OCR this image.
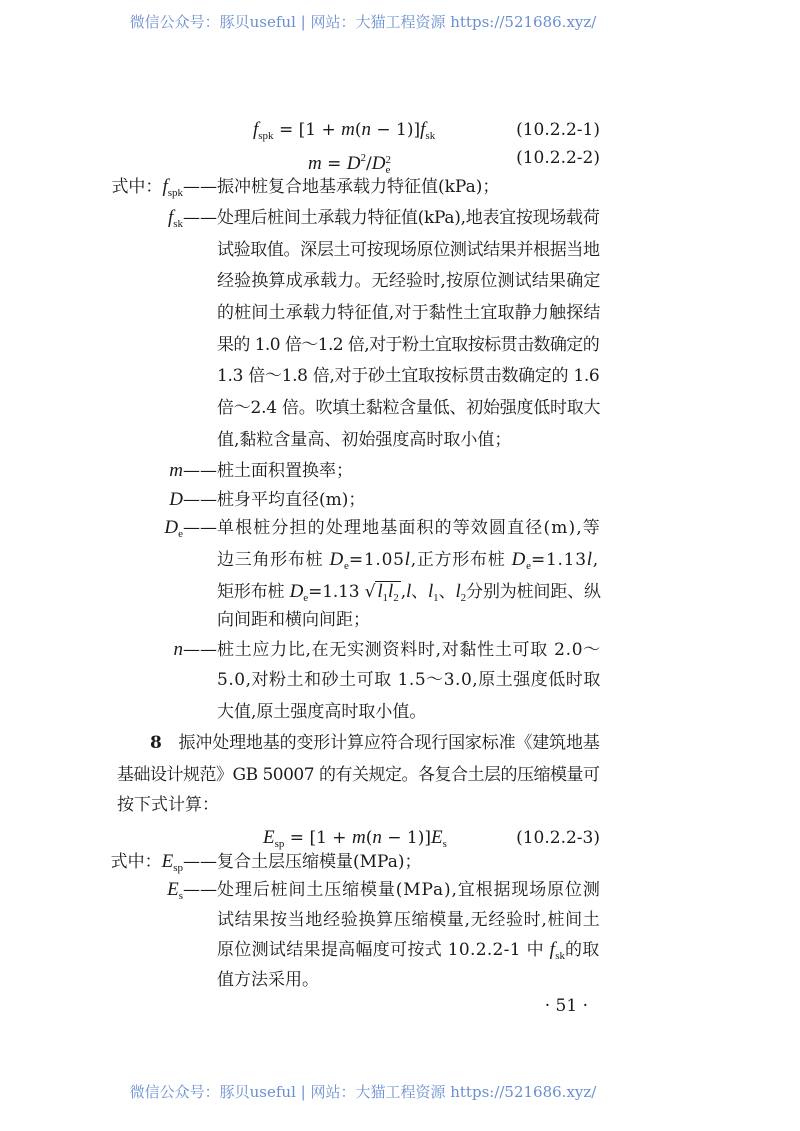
微信公众号：豚贝useful | 网站：大猫工程资源 https://521686.xyz/
$f_{spk} = [1 + m(n - 1)]f_{sk}$	(10.2.2-1)
$m = D^2/D$ 2
e
(10.2.2-2)
式中：$f_{spk}——$ 振冲桩复合地基承载力特征值(kPa)；
$f_{sk}——$ 处理后桩间土承载力特征值(kPa),地表宜按现场载荷
试验取值。深层土可按现场原位测试结果并根据当地
经验换算成承载力。无经验时,按原位测试结果确定
的桩间土承载力特征值,对于黏性土宜取静力触探结
果的 1.0 倍～1.2 倍,对于粉土宜取按标贯击数确定的
1.3 倍～1.8 倍,对于砂土宜取按标贯击数确定的 1.6
倍～2.4 倍。吹填土黏粒含量低、初始强度低时取大
值,黏粒含量高、初始强度高时取小值；
m—— 桩土面积置换率；
D—— 桩身平均直径(m)；
$D_e——$ 单根桩分担的处理地基面积的等效圆直径(m),等
边三角形布桩 $D_e=1.05l$,正方形布桩 $D_e=1.13l$,
矩形布桩 $D_e=1.13$ √ $l_1l_2$ ,l、$l_1$、$l_2$分别为桩间距、纵
向间距和横向间距；
n—— 桩土应力比,在无实测资料时,对黏性土可取 2.0～
5.0,对粉土和砂土可取 1.5～3.0,原土强度低时取
大值,原土强度高时取小值。
8　振冲处理地基的变形计算应符合现行国家标准《建筑地基
基础设计规范》GB 50007 的有关规定。各复合土层的压缩模量可
按下式计算：
$E_{sp} = [1 + m(n - 1)]E_s$	(10.2.2-3)
式中：$E_{sp}——$ 复合土层压缩模量(MPa)；
$E_s——$ 处理后桩间土压缩模量(MPa),宜根据现场原位测
试结果按当地经验换算压缩模量,无经验时,桩间土
原位测试结果提高幅度可按式 10.2.2-1 中 $f_{sk}$的取
值方法采用。
· 51 ·
微信公众号：豚贝useful | 网站：大猫工程资源 https://521686.xyz/
